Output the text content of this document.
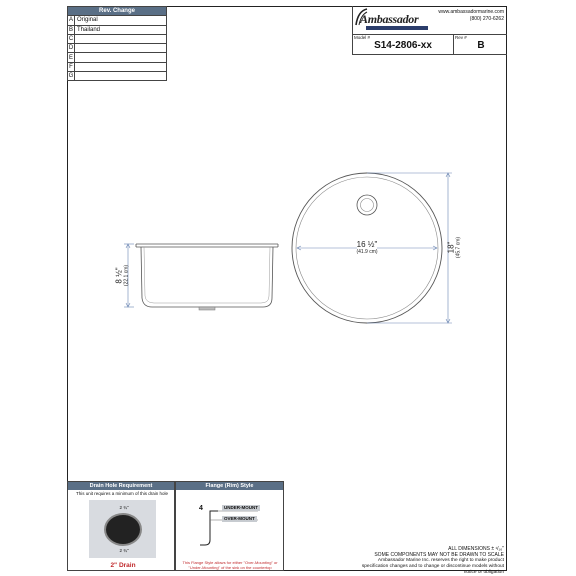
Rev. Change	
A	Original
B	Thailand
C	
D	
E	
F	
G	
Ambassador	www.ambassadormarine.com
(800) 270-6262
Model #	Rev #
S14-2806-xx	B
8 ½" (22.1 cm)
16 ½"
(41.9 cm)	18" (45.7 cm)
Drain Hole Requirement
This unit requires a minimum of this drain hole
2 ¾"
2 ¾"
2" Drain
Flange (Rim) Style
4	UNDER-MOUNT
OVER-MOUNT
This Flange Style allows for either "Over-Mounting" or "Under-Mounting" of the sink on the countertop
ALL DIMENSIONS ± ¹/₁₆"
SOME COMPONENTS MAY NOT BE DRAWN TO SCALE
Ambassador Marine Inc. reserves the right to make product specification changes and to change or discontinue models without notice or obligation
